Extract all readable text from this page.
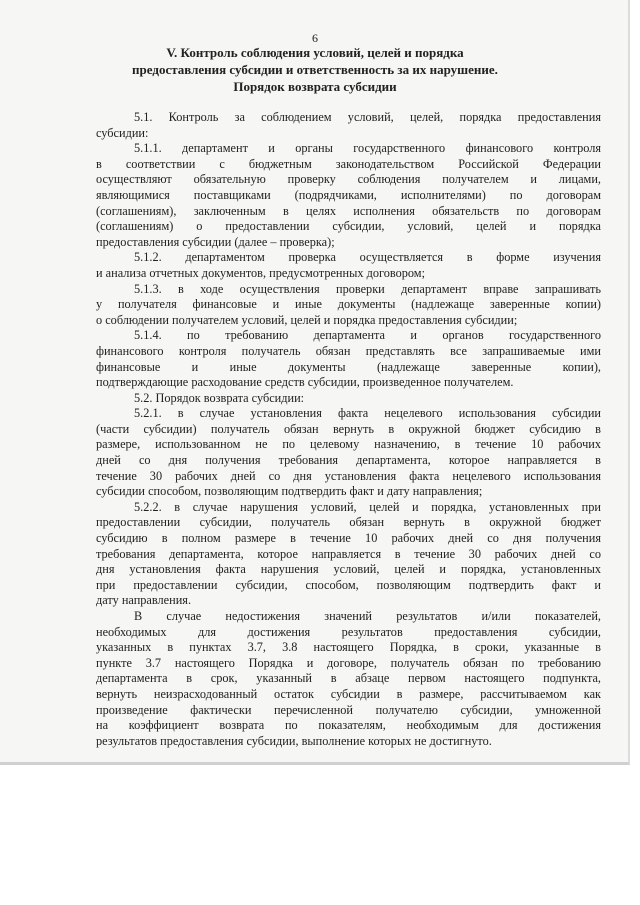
6
V. Контроль соблюдения условий, целей и порядка
предоставления субсидии и ответственность за их нарушение.
Порядок возврата субсидии
5.1. Контроль за соблюдением условий, целей, порядка предоставления
субсидии:
5.1.1. департамент и органы государственного финансового контроля
в соответствии с бюджетным законодательством Российской Федерации
осуществляют обязательную проверку соблюдения получателем и лицами,
являющимися поставщиками (подрядчиками, исполнителями) по договорам
(соглашениям), заключенным в целях исполнения обязательств по договорам
(соглашениям) о предоставлении субсидии, условий, целей и порядка
предоставления субсидии (далее – проверка);
5.1.2. департаментом проверка осуществляется в форме изучения
и анализа отчетных документов, предусмотренных договором;
5.1.3. в ходе осуществления проверки департамент вправе запрашивать
у получателя финансовые и иные документы (надлежаще заверенные копии)
о соблюдении получателем условий, целей и порядка предоставления субсидии;
5.1.4. по требованию департамента и органов государственного
финансового контроля получатель обязан представлять все запрашиваемые ими
финансовые и иные документы (надлежаще заверенные копии),
подтверждающие расходование средств субсидии, произведенное получателем.
5.2. Порядок возврата субсидии:
5.2.1. в случае установления факта нецелевого использования субсидии
(части субсидии) получатель обязан вернуть в окружной бюджет субсидию в
размере, использованном не по целевому назначению, в течение 10 рабочих
дней со дня получения требования департамента, которое направляется в
течение 30 рабочих дней со дня установления факта нецелевого использования
субсидии способом, позволяющим подтвердить факт и дату направления;
5.2.2. в случае нарушения условий, целей и порядка, установленных при
предоставлении субсидии, получатель обязан вернуть в окружной бюджет
субсидию в полном размере в течение 10 рабочих дней со дня получения
требования департамента, которое направляется в течение 30 рабочих дней со
дня установления факта нарушения условий, целей и порядка, установленных
при предоставлении субсидии, способом, позволяющим подтвердить факт и
дату направления.
В случае недостижения значений результатов и/или показателей,
необходимых для достижения результатов предоставления субсидии,
указанных в пунктах 3.7, 3.8 настоящего Порядка, в сроки, указанные в
пункте 3.7 настоящего Порядка и договоре, получатель обязан по требованию
департамента в срок, указанный в абзаце первом настоящего подпункта,
вернуть неизрасходованный остаток субсидии в размере, рассчитываемом как
произведение фактически перечисленной получателю субсидии, умноженной
на коэффициент возврата по показателям, необходимым для достижения
результатов предоставления субсидии, выполнение которых не достигнуто.
